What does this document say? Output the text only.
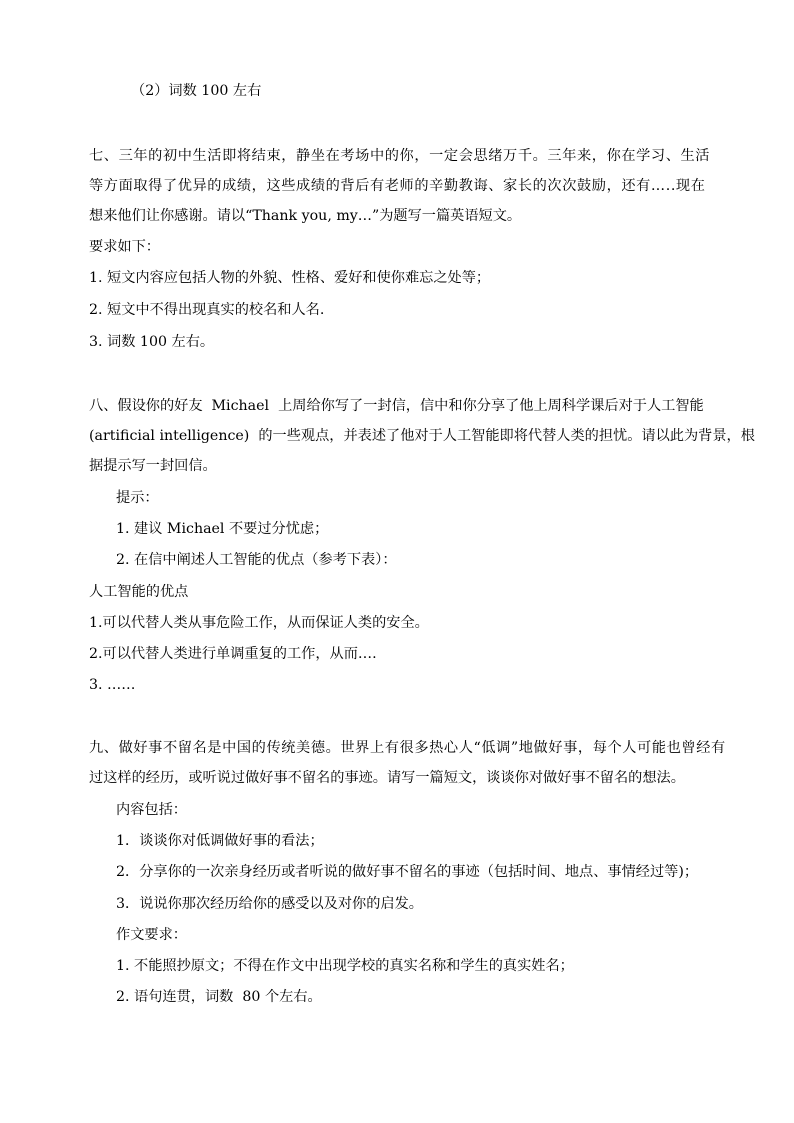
（2）词数 100 左右

七、三年的初中生活即将结束，静坐在考场中的你，一定会思绪万千。三年来，你在学习、生活

等方面取得了优异的成绩，这些成绩的背后有老师的辛勤教诲、家长的次次鼓励，还有…..现在

想来他们让你感谢。请以“Thank you, my…”为题写一篇英语短文。

要求如下：

1. 短文内容应包括人物的外貌、性格、爱好和使你难忘之处等；

2. 短文中不得出现真实的校名和人名.

3. 词数 100 左右。

八、假设你的好友  Michael  上周给你写了一封信，信中和你分享了他上周科学课后对于人工智能

(artificial intelligence)  的一些观点，并表述了他对于人工智能即将代替人类的担忧。请以此为背景，根

据提示写一封回信。

提示：

1. 建议 Michael 不要过分忧虑；

2. 在信中阐述人工智能的优点（参考下表）：

人工智能的优点

1.可以代替人类从事危险工作，从而保证人类的安全。

2.可以代替人类进行单调重复的工作，从而….

3. ……

九、做好事不留名是中国的传统美德。世界上有很多热心人“低调”地做好事，每个人可能也曾经有

过这样的经历，或听说过做好事不留名的事迹。请写一篇短文，谈谈你对做好事不留名的想法。

内容包括：

1．谈谈你对低调做好事的看法；

2．分享你的一次亲身经历或者听说的做好事不留名的事迹（包括时间、地点、事情经过等)；

3．说说你那次经历给你的感受以及对你的启发。

作文要求：

1. 不能照抄原文；不得在作文中出现学校的真实名称和学生的真实姓名；

2. 语句连贯，词数  80 个左右。
